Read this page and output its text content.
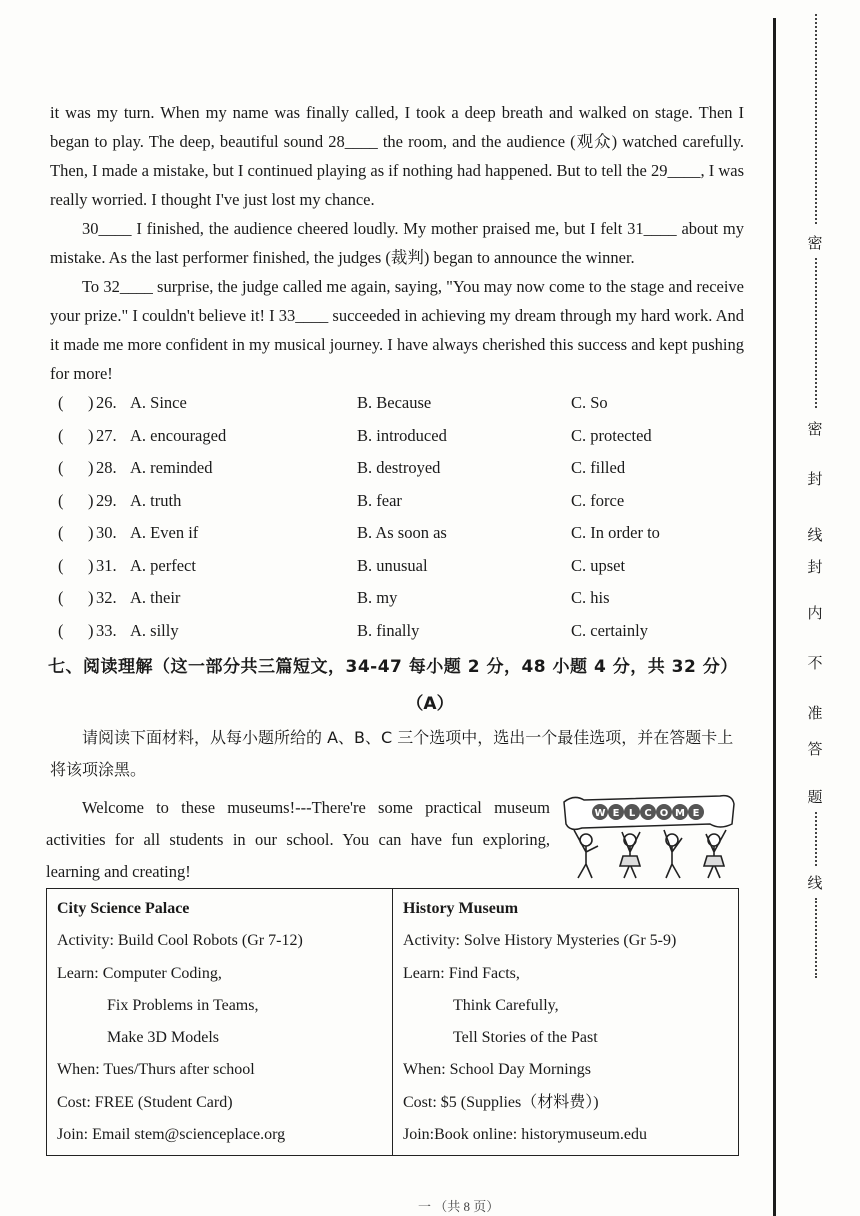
it was my turn. When my name was finally called, I took a deep breath and walked on stage. Then I began to play. The deep, beautiful sound 28____ the room, and the audience (观众) watched carefully. Then, I made a mistake, but I continued playing as if nothing had happened. But to tell the 29____, I was really worried. I thought I've just lost my chance.

30____ I finished, the audience cheered loudly. My mother praised me, but I felt 31____ about my mistake. As the last performer finished, the judges (裁判) began to announce the winner.

To 32____ surprise, the judge called me again, saying, "You may now come to the stage and receive your prize." I couldn't believe it! I 33____ succeeded in achieving my dream through my hard work. And it made me more confident in my musical journey. I have always cherished this success and kept pushing for more!

( ) 26. A. Since	B. Because	C. So
( ) 27. A. encouraged	B. introduced	C. protected
( ) 28. A. reminded	B. destroyed	C. filled
( ) 29. A. truth	B. fear	C. force
( ) 30. A. Even if	B. As soon as	C. In order to
( ) 31. A. perfect	B. unusual	C. upset
( ) 32. A. their	B. my	C. his
( ) 33. A. silly	B. finally	C. certainly
七、阅读理解（这一部分共三篇短文，34-47 每小题 2 分，48 小题 4 分，共 32 分）
（A）
请阅读下面材料，从每小题所给的 A、B、C 三个选项中，选出一个最佳选项，并在答题卡上将该项涂黑。

Welcome to these museums!---There're some practical museum activities for all students in our school. You can have fun exploring, learning and creating!

W E L C O M E
City Science Palace
Activity: Build Cool Robots (Gr 7-12)
Learn: Computer Coding,
Fix Problems in Teams,
Make 3D Models
When: Tues/Thurs after school
Cost: FREE (Student Card)
Join: Email stem@scienceplace.org
History Museum
Activity: Solve History Mysteries (Gr 5-9)
Learn: Find Facts,
Think Carefully,
Tell Stories of the Past
When: School Day Mornings
Cost: $5 (Supplies（材料费）)
Join:Book online: historymuseum.edu
一 （共 8 页）
密
密
封
线
封
内
不
准
答
题
线
